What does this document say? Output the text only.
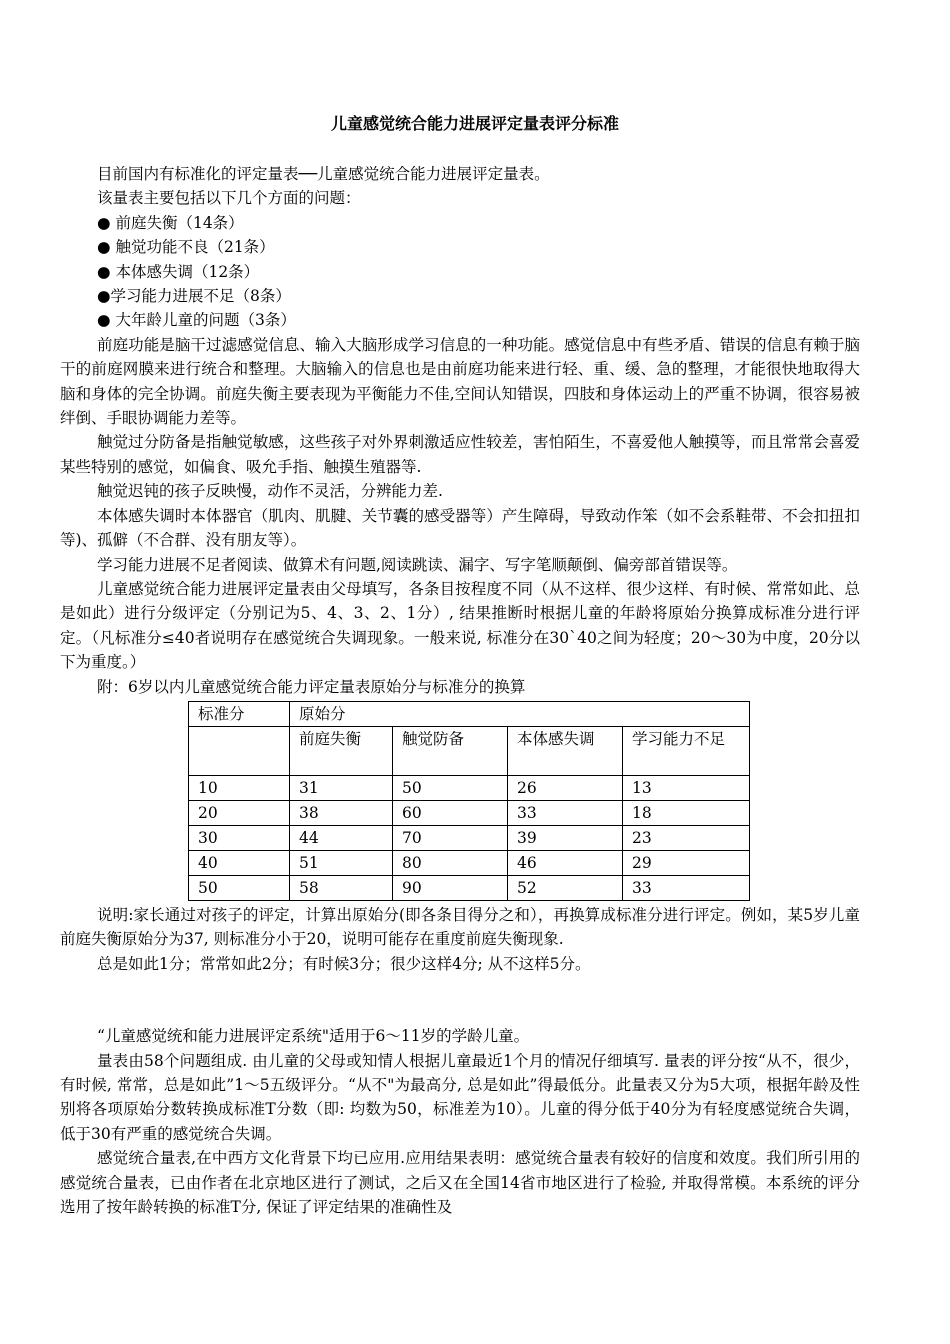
儿童感觉统合能力进展评定量表评分标准

目前国内有标准化的评定量表──儿童感觉统合能力进展评定量表。

该量表主要包括以下几个方面的问题：

● 前庭失衡（14条）

● 触觉功能不良（21条）

● 本体感失调（12条）

●学习能力进展不足（8条）

● 大年龄儿童的问题（3条）

前庭功能是脑干过滤感觉信息、输入大脑形成学习信息的一种功能。感觉信息中有些矛盾、错误的信息有赖于脑干的前庭网膜来进行统合和整理。大脑输入的信息也是由前庭功能来进行轻、重、缓、急的整理，才能很快地取得大脑和身体的完全协调。前庭失衡主要表现为平衡能力不佳,空间认知错误，四肢和身体运动上的严重不协调，很容易被绊倒、手眼协调能力差等。

触觉过分防备是指触觉敏感，这些孩子对外界刺激适应性较差，害怕陌生，不喜爱他人触摸等，而且常常会喜爱某些特别的感觉，如偏食、吸允手指、触摸生殖器等.

触觉迟钝的孩子反映慢，动作不灵活，分辨能力差.

本体感失调时本体器官（肌肉、肌腱、关节囊的感受器等）产生障碍，导致动作笨（如不会系鞋带、不会扣扭扣等)、孤僻（不合群、没有朋友等）。

学习能力进展不足者阅读、做算术有问题,阅读跳读、漏字、写字笔顺颠倒、偏旁部首错误等。

儿童感觉统合能力进展评定量表由父母填写，各条目按程度不同（从不这样、很少这样、有时候、常常如此、总是如此）进行分级评定（分别记为5、4、3、2、1分）, 结果推断时根据儿童的年龄将原始分换算成标准分进行评定。（凡标准分≤40者说明存在感觉统合失调现象。一般来说, 标准分在30ˋ40之间为轻度；20～30为中度，20分以下为重度。）

附：6岁以内儿童感觉统合能力评定量表原始分与标准分的换算

标准分	原始分			
	前庭失衡	触觉防备	本体感失调	学习能力不足
10	31	50	26	13
20	38	60	33	18
30	44	70	39	23
40	51	80	46	29
50	58	90	52	33

说明:家长通过对孩子的评定，计算出原始分(即各条目得分之和），再换算成标准分进行评定。例如，某5岁儿童前庭失衡原始分为37, 则标准分小于20，说明可能存在重度前庭失衡现象.

总是如此1分；常常如此2分；有时候3分；很少这样4分; 从不这样5分。

“儿童感觉统和能力进展评定系统"适用于6～11岁的学龄儿童。

量表由58个问题组成. 由儿童的父母或知情人根据儿童最近1个月的情况仔细填写. 量表的评分按“从不，很少，有时候, 常常，总是如此”1～5五级评分。“从不"为最高分, 总是如此”得最低分。此量表又分为5大项，根据年龄及性别将各项原始分数转换成标准T分数（即: 均数为50，标准差为10）。儿童的得分低于40分为有轻度感觉统合失调，低于30有严重的感觉统合失调。

感觉统合量表,在中西方文化背景下均已应用.应用结果表明：感觉统合量表有较好的信度和效度。我们所引用的感觉统合量表，已由作者在北京地区进行了测试，之后又在全国14省市地区进行了检验, 并取得常模。本系统的评分选用了按年龄转换的标准T分, 保证了评定结果的准确性及
